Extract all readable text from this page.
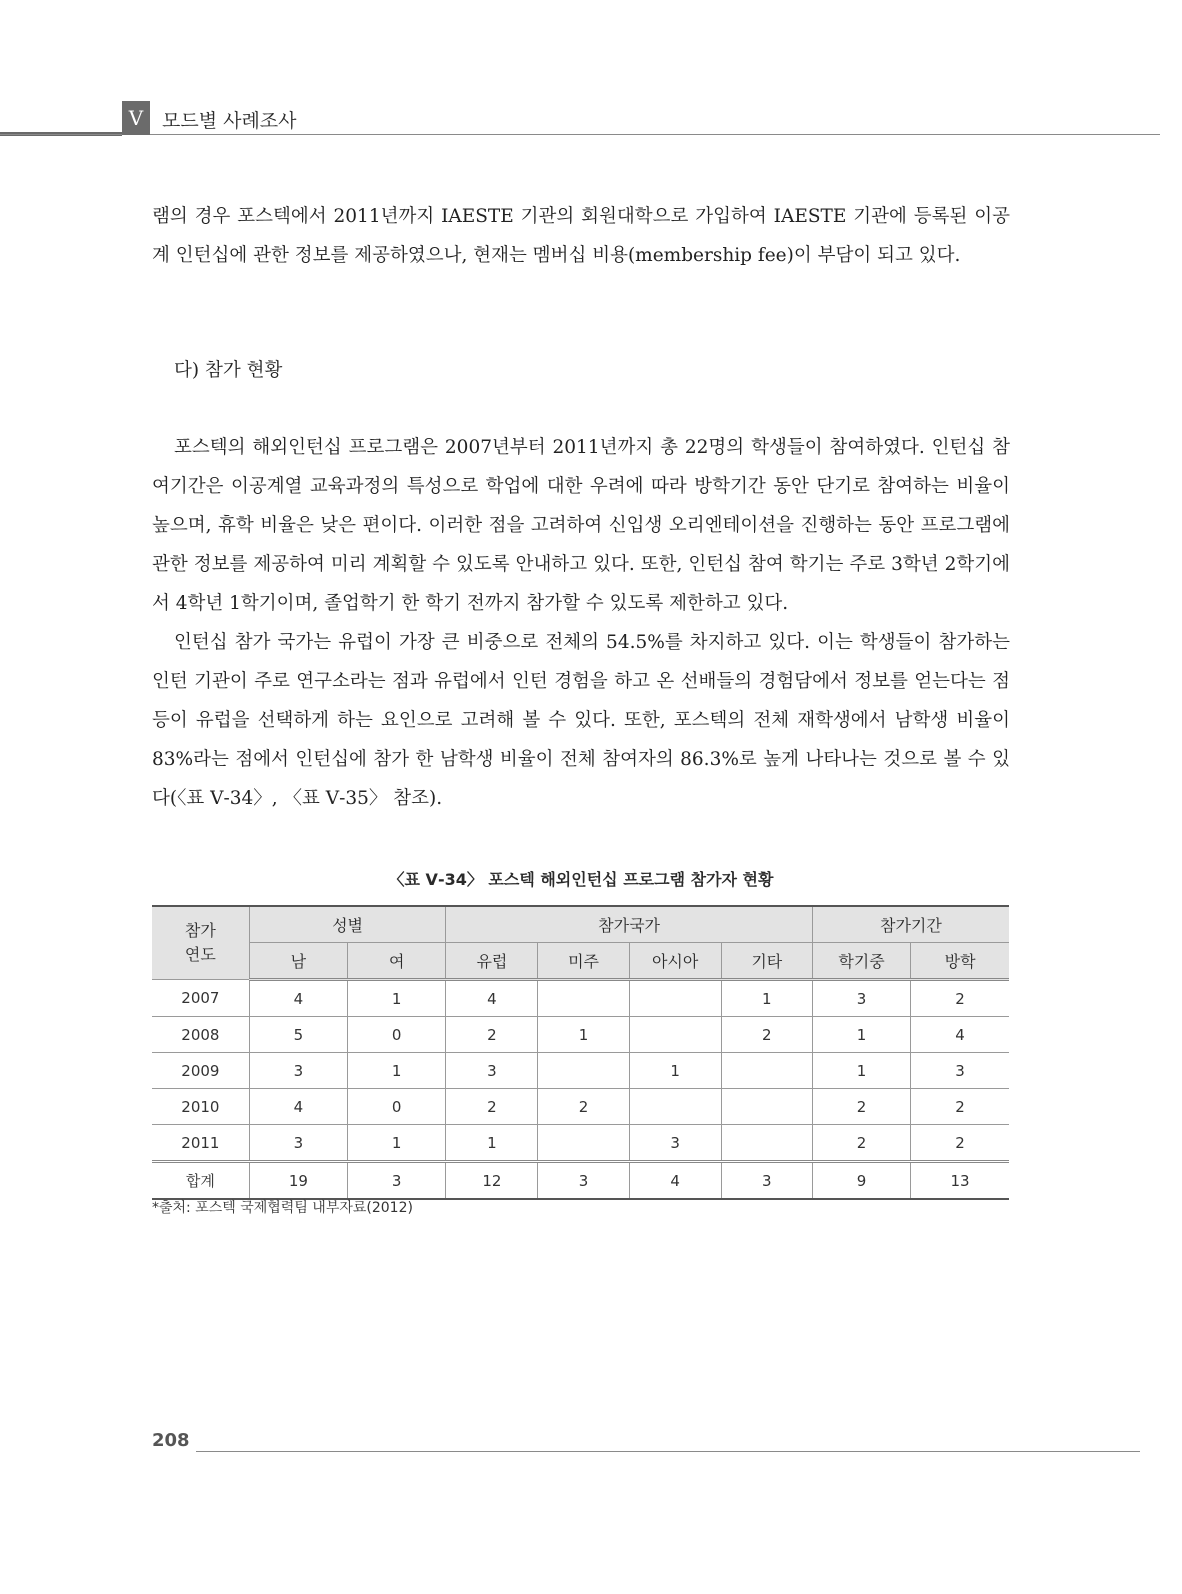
V 모드별 사례조사

램의 경우 포스텍에서 2011년까지 IAESTE 기관의 회원대학으로 가입하여 IAESTE 기관에 등록된 이공계 인턴십에 관한 정보를 제공하였으나, 현재는 멤버십 비용(membership fee)이 부담이 되고 있다.

다) 참가 현황

포스텍의 해외인턴십 프로그램은 2007년부터 2011년까지 총 22명의 학생들이 참여하였다. 인턴십 참여기간은 이공계열 교육과정의 특성으로 학업에 대한 우려에 따라 방학기간 동안 단기로 참여하는 비율이 높으며, 휴학 비율은 낮은 편이다. 이러한 점을 고려하여 신입생 오리엔테이션을 진행하는 동안 프로그램에 관한 정보를 제공하여 미리 계획할 수 있도록 안내하고 있다. 또한, 인턴십 참여 학기는 주로 3학년 2학기에서 4학년 1학기이며, 졸업학기 한 학기 전까지 참가할 수 있도록 제한하고 있다.

인턴십 참가 국가는 유럽이 가장 큰 비중으로 전체의 54.5%를 차지하고 있다. 이는 학생들이 참가하는 인턴 기관이 주로 연구소라는 점과 유럽에서 인턴 경험을 하고 온 선배들의 경험담에서 정보를 얻는다는 점 등이 유럽을 선택하게 하는 요인으로 고려해 볼 수 있다. 또한, 포스텍의 전체 재학생에서 남학생 비율이 83%라는 점에서 인턴십에 참가 한 남학생 비율이 전체 참여자의 86.3%로 높게 나타나는 것으로 볼 수 있다(〈표 Ⅴ-34〉, 〈표 Ⅴ-35〉 참조).

〈표 Ⅴ-34〉 포스텍 해외인턴십 프로그램 참가자 현황
참가
연도	성별		참가국가				참가기간	
	남	여	유럽	미주	아시아	기타	학기중	방학
2007	4	1	4			1	3	2
2008	5	0	2	1		2	1	4
2009	3	1	3		1		1	3
2010	4	0	2	2			2	2
2011	3	1	1		3		2	2
합계	19	3	12	3	4	3	9	13
*출처: 포스텍 국제협력팀 내부자료(2012)
208
